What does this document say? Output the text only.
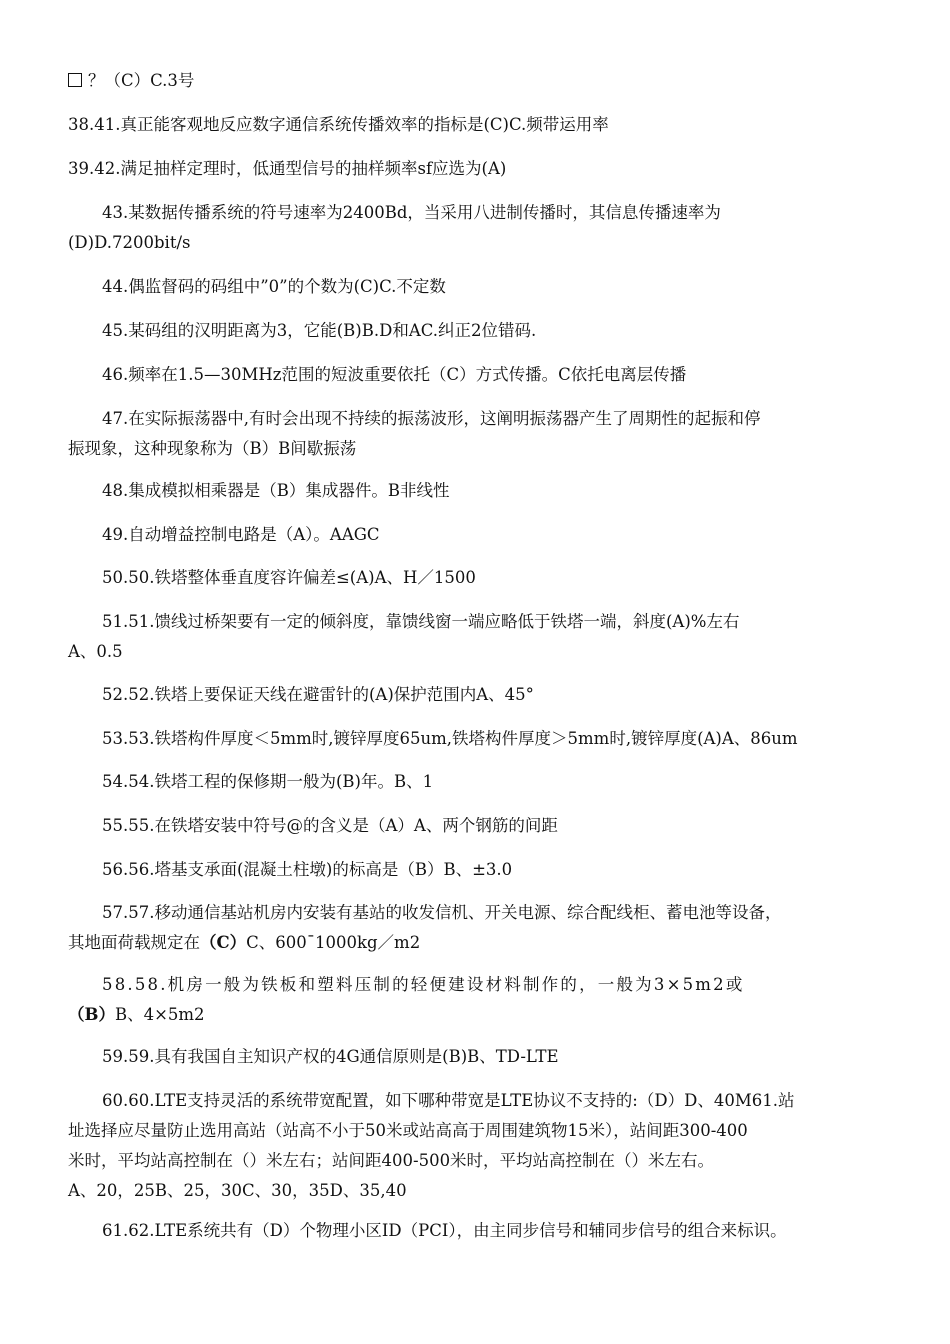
？（C）C.3号
38.41.真正能客观地反应数字通信系统传播效率的指标是(C)C.频带运用率
39.42.满足抽样定理时，低通型信号的抽样频率sf应选为(A)
43.某数据传播系统的符号速率为2400Bd，当采用八进制传播时，其信息传播速率为
(D)D.7200bit/s
44.偶监督码的码组中”0”的个数为(C)C.不定数
45.某码组的汉明距离为3，它能(B)B.D和AC.纠正2位错码.
46.频率在1.5—30MHz范围的短波重要依托（C）方式传播。C依托电离层传播
47.在实际振荡器中,有时会出现不持续的振荡波形，这阐明振荡器产生了周期性的起振和停
振现象，这种现象称为（B）B间歇振荡
48.集成模拟相乘器是（B）集成器件。B非线性
49.自动增益控制电路是（A）。AAGC
50.50.铁塔整体垂直度容许偏差≤(A)A、H／1500
51.51.馈线过桥架要有一定的倾斜度，靠馈线窗一端应略低于铁塔一端，斜度(A)%左右
A、0.5
52.52.铁塔上要保证天线在避雷针的(A)保护范围内A、45°
53.53.铁塔构件厚度＜5mm时,镀锌厚度65um,铁塔构件厚度＞5mm时,镀锌厚度(A)A、86um
54.54.铁塔工程的保修期一般为(B)年。B、1
55.55.在铁塔安装中符号@的含义是（A）A、两个钢筋的间距
56.56.塔基支承面(混凝土柱墩)的标高是（B）B、±3.0
57.57.移动通信基站机房内安装有基站的收发信机、开关电源、综合配线柜、蓄电池等设备，
其地面荷载规定在（C）C、600¯1000kg／m2
58.58.机房一般为铁板和塑料压制的轻便建设材料制作的，一般为3×5m2或
（B）B、4×5m2
59.59.具有我国自主知识产权的4G通信原则是(B)B、TD-LTE
60.60.LTE支持灵活的系统带宽配置，如下哪种带宽是LTE协议不支持的:（D）D、40M61.站
址选择应尽量防止选用高站（站高不小于50米或站高高于周围建筑物15米），站间距300-400
米时，平均站高控制在（）米左右；站间距400-500米时，平均站高控制在（）米左右。
A、20，25B、25，30C、30，35D、35,40
61.62.LTE系统共有（D）个物理小区ID（PCI），由主同步信号和辅同步信号的组合来标识。
